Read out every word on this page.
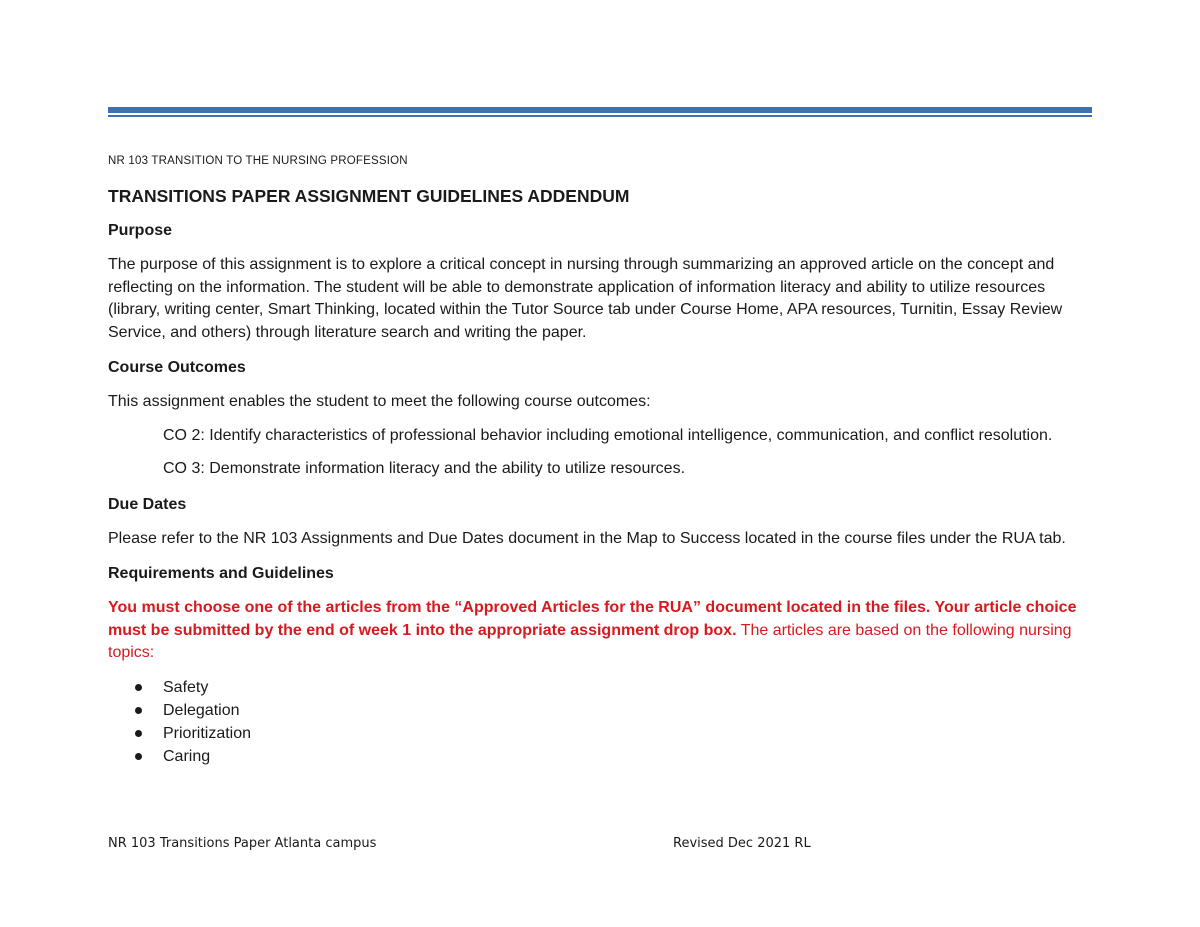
NR 103 TRANSITION TO THE NURSING PROFESSION

TRANSITIONS PAPER ASSIGNMENT GUIDELINES ADDENDUM
Purpose

The purpose of this assignment is to explore a critical concept in nursing through summarizing an approved article on the concept and reflecting on the information. The student will be able to demonstrate application of information literacy and ability to utilize resources (library, writing center, Smart Thinking, located within the Tutor Source tab under Course Home, APA resources, Turnitin, Essay Review Service, and others) through literature search and writing the paper.

Course Outcomes

This assignment enables the student to meet the following course outcomes:

CO 2: Identify characteristics of professional behavior including emotional intelligence, communication, and conflict resolution.

CO 3: Demonstrate information literacy and the ability to utilize resources.

Due Dates

Please refer to the NR 103 Assignments and Due Dates document in the Map to Success located in the course files under the RUA tab.

Requirements and Guidelines

You must choose one of the articles from the “Approved Articles for the RUA” document located in the files. Your article choice must be submitted by the end of week 1 into the appropriate assignment drop box. The articles are based on the following nursing topics:

Safety
Delegation
Prioritization
Caring
NR 103 Transitions Paper Atlanta campus	Revised Dec 2021 RL
